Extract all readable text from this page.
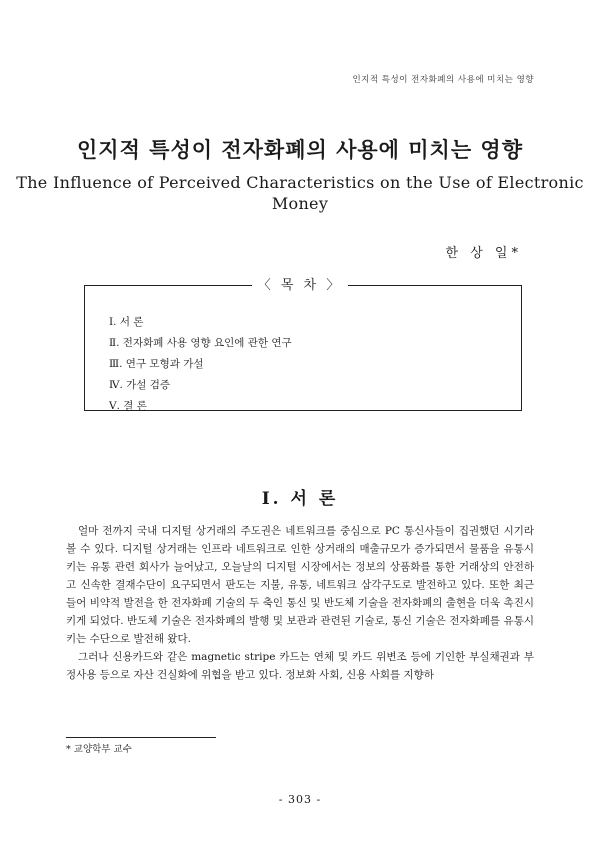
인지적 특성이 전자화폐의 사용에 미치는 영향
인지적 특성이 전자화폐의 사용에 미치는 영향
The Influence of Perceived Characteristics on the Use of Electronic Money
한 상 일*
〈 목 차 〉
Ⅰ. 서 론
Ⅱ. 전자화폐 사용 영향 요인에 관한 연구
Ⅲ. 연구 모형과 가설
Ⅳ. 가설 검증
Ⅴ. 결 론
Ⅰ. 서 론

얼마 전까지 국내 디지털 상거래의 주도권은 네트워크를 중심으로 PC 통신사들이 집권했던 시기라 볼 수 있다. 디지털 상거래는 인프라 네트워크로 인한 상거래의 매출규모가 증가되면서 물품을 유통시키는 유통 관련 회사가 늘어났고, 오늘날의 디지털 시장에서는 정보의 상품화를 통한 거래상의 안전하고 신속한 결재수단이 요구되면서 판도는 지불, 유통, 네트워크 삼각구도로 발전하고 있다. 또한 최근 들어 비약적 발전을 한 전자화폐 기술의 두 축인 통신 및 반도체 기술을 전자화폐의 출현을 더욱 촉진시키게 되었다. 반도체 기술은 전자화폐의 발행 및 보관과 관련된 기술로, 통신 기술은 전자화폐를 유통시키는 수단으로 발전해 왔다.

그러나 신용카드와 같은 magnetic stripe 카드는 연체 및 카드 위변조 등에 기인한 부실채권과 부정사용 등으로 자산 건실화에 위협을 받고 있다. 정보화 사회, 신용 사회를 지향하

* 교양학부 교수
- 303 -
